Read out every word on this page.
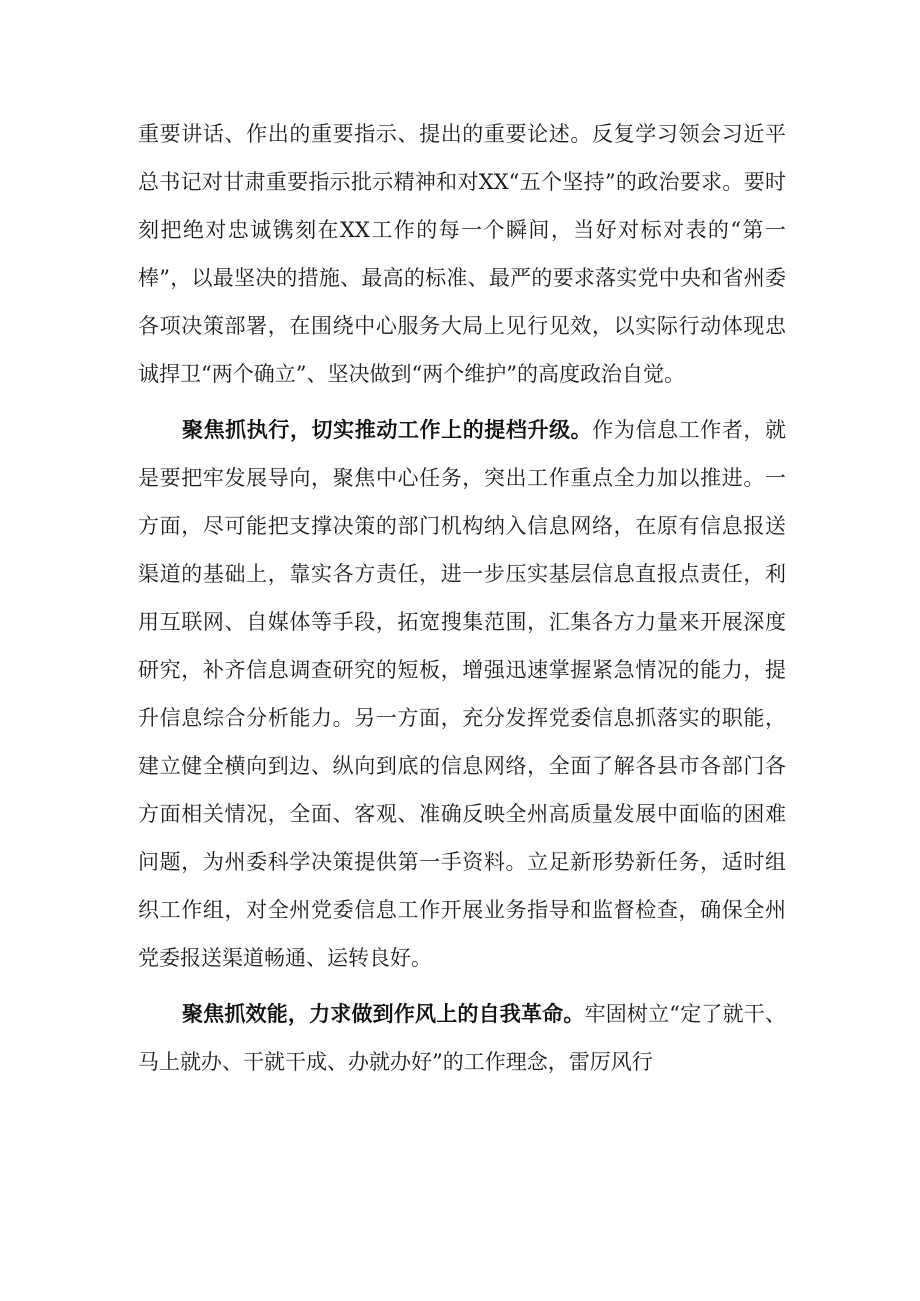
重要讲话、作出的重要指示、提出的重要论述。反复学习领会习近平总书记对甘肃重要指示批示精神和对XX“五个坚持”的政治要求。要时刻把绝对忠诚镌刻在XX工作的每一个瞬间，当好对标对表的“第一棒”，以最坚决的措施、最高的标准、最严的要求落实党中央和省州委各项决策部署，在围绕中心服务大局上见行见效，以实际行动体现忠诚捍卫“两个确立”、坚决做到“两个维护”的高度政治自觉。

聚焦抓执行，切实推动工作上的提档升级。作为信息工作者，就是要把牢发展导向，聚焦中心任务，突出工作重点全力加以推进。一方面，尽可能把支撑决策的部门机构纳入信息网络，在原有信息报送渠道的基础上，靠实各方责任，进一步压实基层信息直报点责任，利用互联网、自媒体等手段，拓宽搜集范围，汇集各方力量来开展深度研究，补齐信息调查研究的短板，增强迅速掌握紧急情况的能力，提升信息综合分析能力。另一方面，充分发挥党委信息抓落实的职能，建立健全横向到边、纵向到底的信息网络，全面了解各县市各部门各方面相关情况，全面、客观、准确反映全州高质量发展中面临的困难问题，为州委科学决策提供第一手资料。立足新形势新任务，适时组织工作组，对全州党委信息工作开展业务指导和监督检查，确保全州党委报送渠道畅通、运转良好。

聚焦抓效能，力求做到作风上的自我革命。牢固树立“定了就干、马上就办、干就干成、办就办好”的工作理念，雷厉风行
